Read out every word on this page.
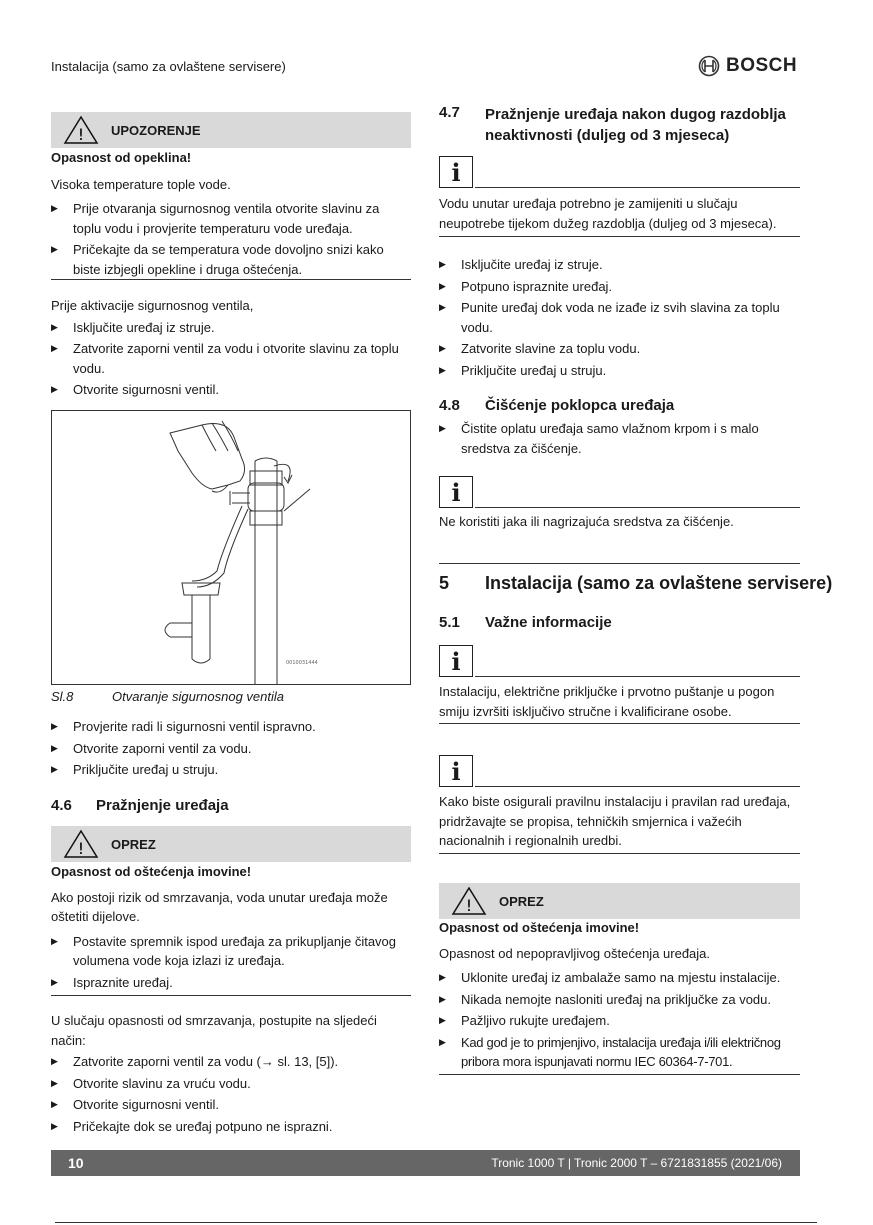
Instalacija (samo za ovlaštene servisere)	BOSCH
! UPOZORENJE

Opasnost od opeklina!

Visoka temperature tople vode.

▶	Prije otvaranja sigurnosnog ventila otvorite slavinu za toplu vodu i provjerite temperaturu vode uređaja.
▶	Pričekajte da se temperatura vode dovoljno snizi kako biste izbjegli opekline i druga oštećenja.

Prije aktivacije sigurnosnog ventila,

▶	Isključite uređaj iz struje.
▶	Zatvorite zaporni ventil za vodu i otvorite slavinu za toplu vodu.
▶	Otvorite sigurnosni ventil.
0010031444
Sl.8	Otvaranje sigurnosnog ventila
▶	Provjerite radi li sigurnosni ventil ispravno.
▶	Otvorite zaporni ventil za vodu.
▶	Priključite uređaj u struju.
4.6 Pražnjenje uređaja
! OPREZ

Opasnost od oštećenja imovine!

Ako postoji rizik od smrzavanja, voda unutar uređaja može oštetiti dijelove.

▶	Postavite spremnik ispod uređaja za prikupljanje čitavog volumena vode koja izlazi iz uređaja.
▶	Ispraznite uređaj.

U slučaju opasnosti od smrzavanja, postupite na sljedeći način:

▶	Zatvorite zaporni ventil za vodu (→ sl. 13, [5]).
▶	Otvorite slavinu za vruću vodu.
▶	Otvorite sigurnosni ventil.
▶	Pričekajte dok se uređaj potpuno ne isprazni.
4.7 Pražnjenje uređaja nakon dugog razdoblja neaktivnosti (duljeg od 3 mjeseca)
i

Vodu unutar uređaja potrebno je zamijeniti u slučaju neupotrebe tijekom dužeg razdoblja (duljeg od 3 mjeseca).

▶	Isključite uređaj iz struje.
▶	Potpuno ispraznite uređaj.
▶	Punite uređaj dok voda ne izađe iz svih slavina za toplu vodu.
▶	Zatvorite slavine za toplu vodu.
▶	Priključite uređaj u struju.
4.8 Čišćenje poklopca uređaja
▶	Čistite oplatu uređaja samo vlažnom krpom i s malo sredstva za čišćenje.
i

Ne koristiti jaka ili nagrizajuća sredstva za čišćenje.

5 Instalacija (samo za ovlaštene servisere)
5.1 Važne informacije
i

Instalaciju, električne priključke i prvotno puštanje u pogon smiju izvršiti isključivo stručne i kvalificirane osobe.

i

Kako biste osigurali pravilnu instalaciju i pravilan rad uređaja, pridržavajte se propisa, tehničkih smjernica i važećih nacionalnih i regionalnih uredbi.

! OPREZ

Opasnost od oštećenja imovine!

Opasnost od nepopravljivog oštećenja uređaja.

▶	Uklonite uređaj iz ambalaže samo na mjestu instalacije.
▶	Nikada nemojte nasloniti uređaj na priključke za vodu.
▶	Pažljivo rukujte uređajem.
▶	Kad god je to primjenjivo, instalacija uređaja i/ili električnog pribora mora ispunjavati normu IEC 60364-7-701.
10	Tronic 1000 T | Tronic 2000 T – 6721831855 (2021/06)
